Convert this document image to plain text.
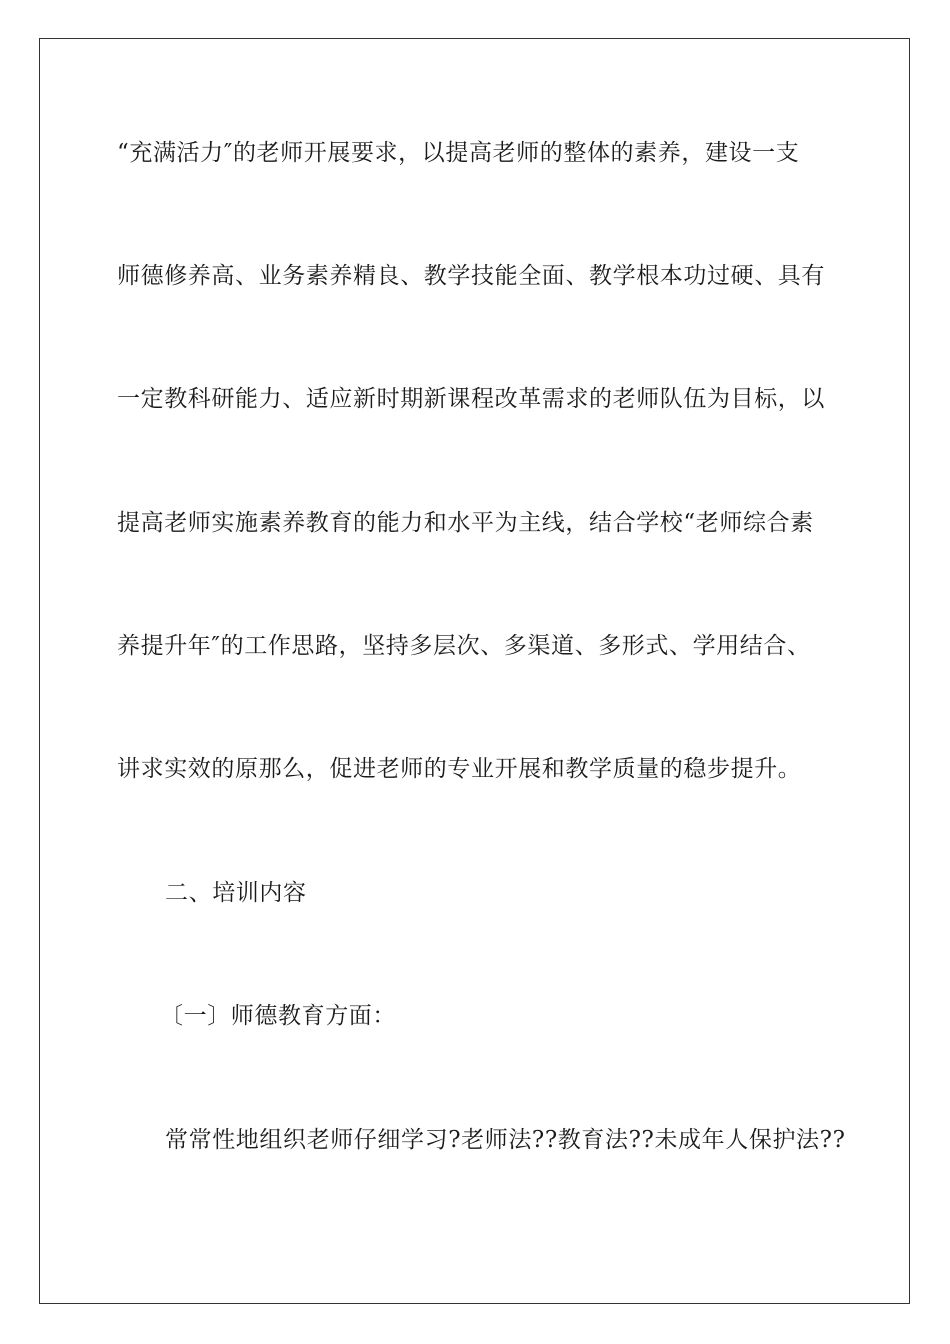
“充满活力″的老师开展要求，以提高老师的整体的素养，建设一支
师德修养高、业务素养精良、教学技能全面、教学根本功过硬、具有
一定教科研能力、适应新时期新课程改革需求的老师队伍为目标，以
提高老师实施素养教育的能力和水平为主线，结合学校“老师综合素
养提升年″的工作思路，坚持多层次、多渠道、多形式、学用结合、
讲求实效的原那么，促进老师的专业开展和教学质量的稳步提升。
二、培训内容
〔一〕师德教育方面：
常常性地组织老师仔细学习?老师法??教育法??未成年人保护法??
